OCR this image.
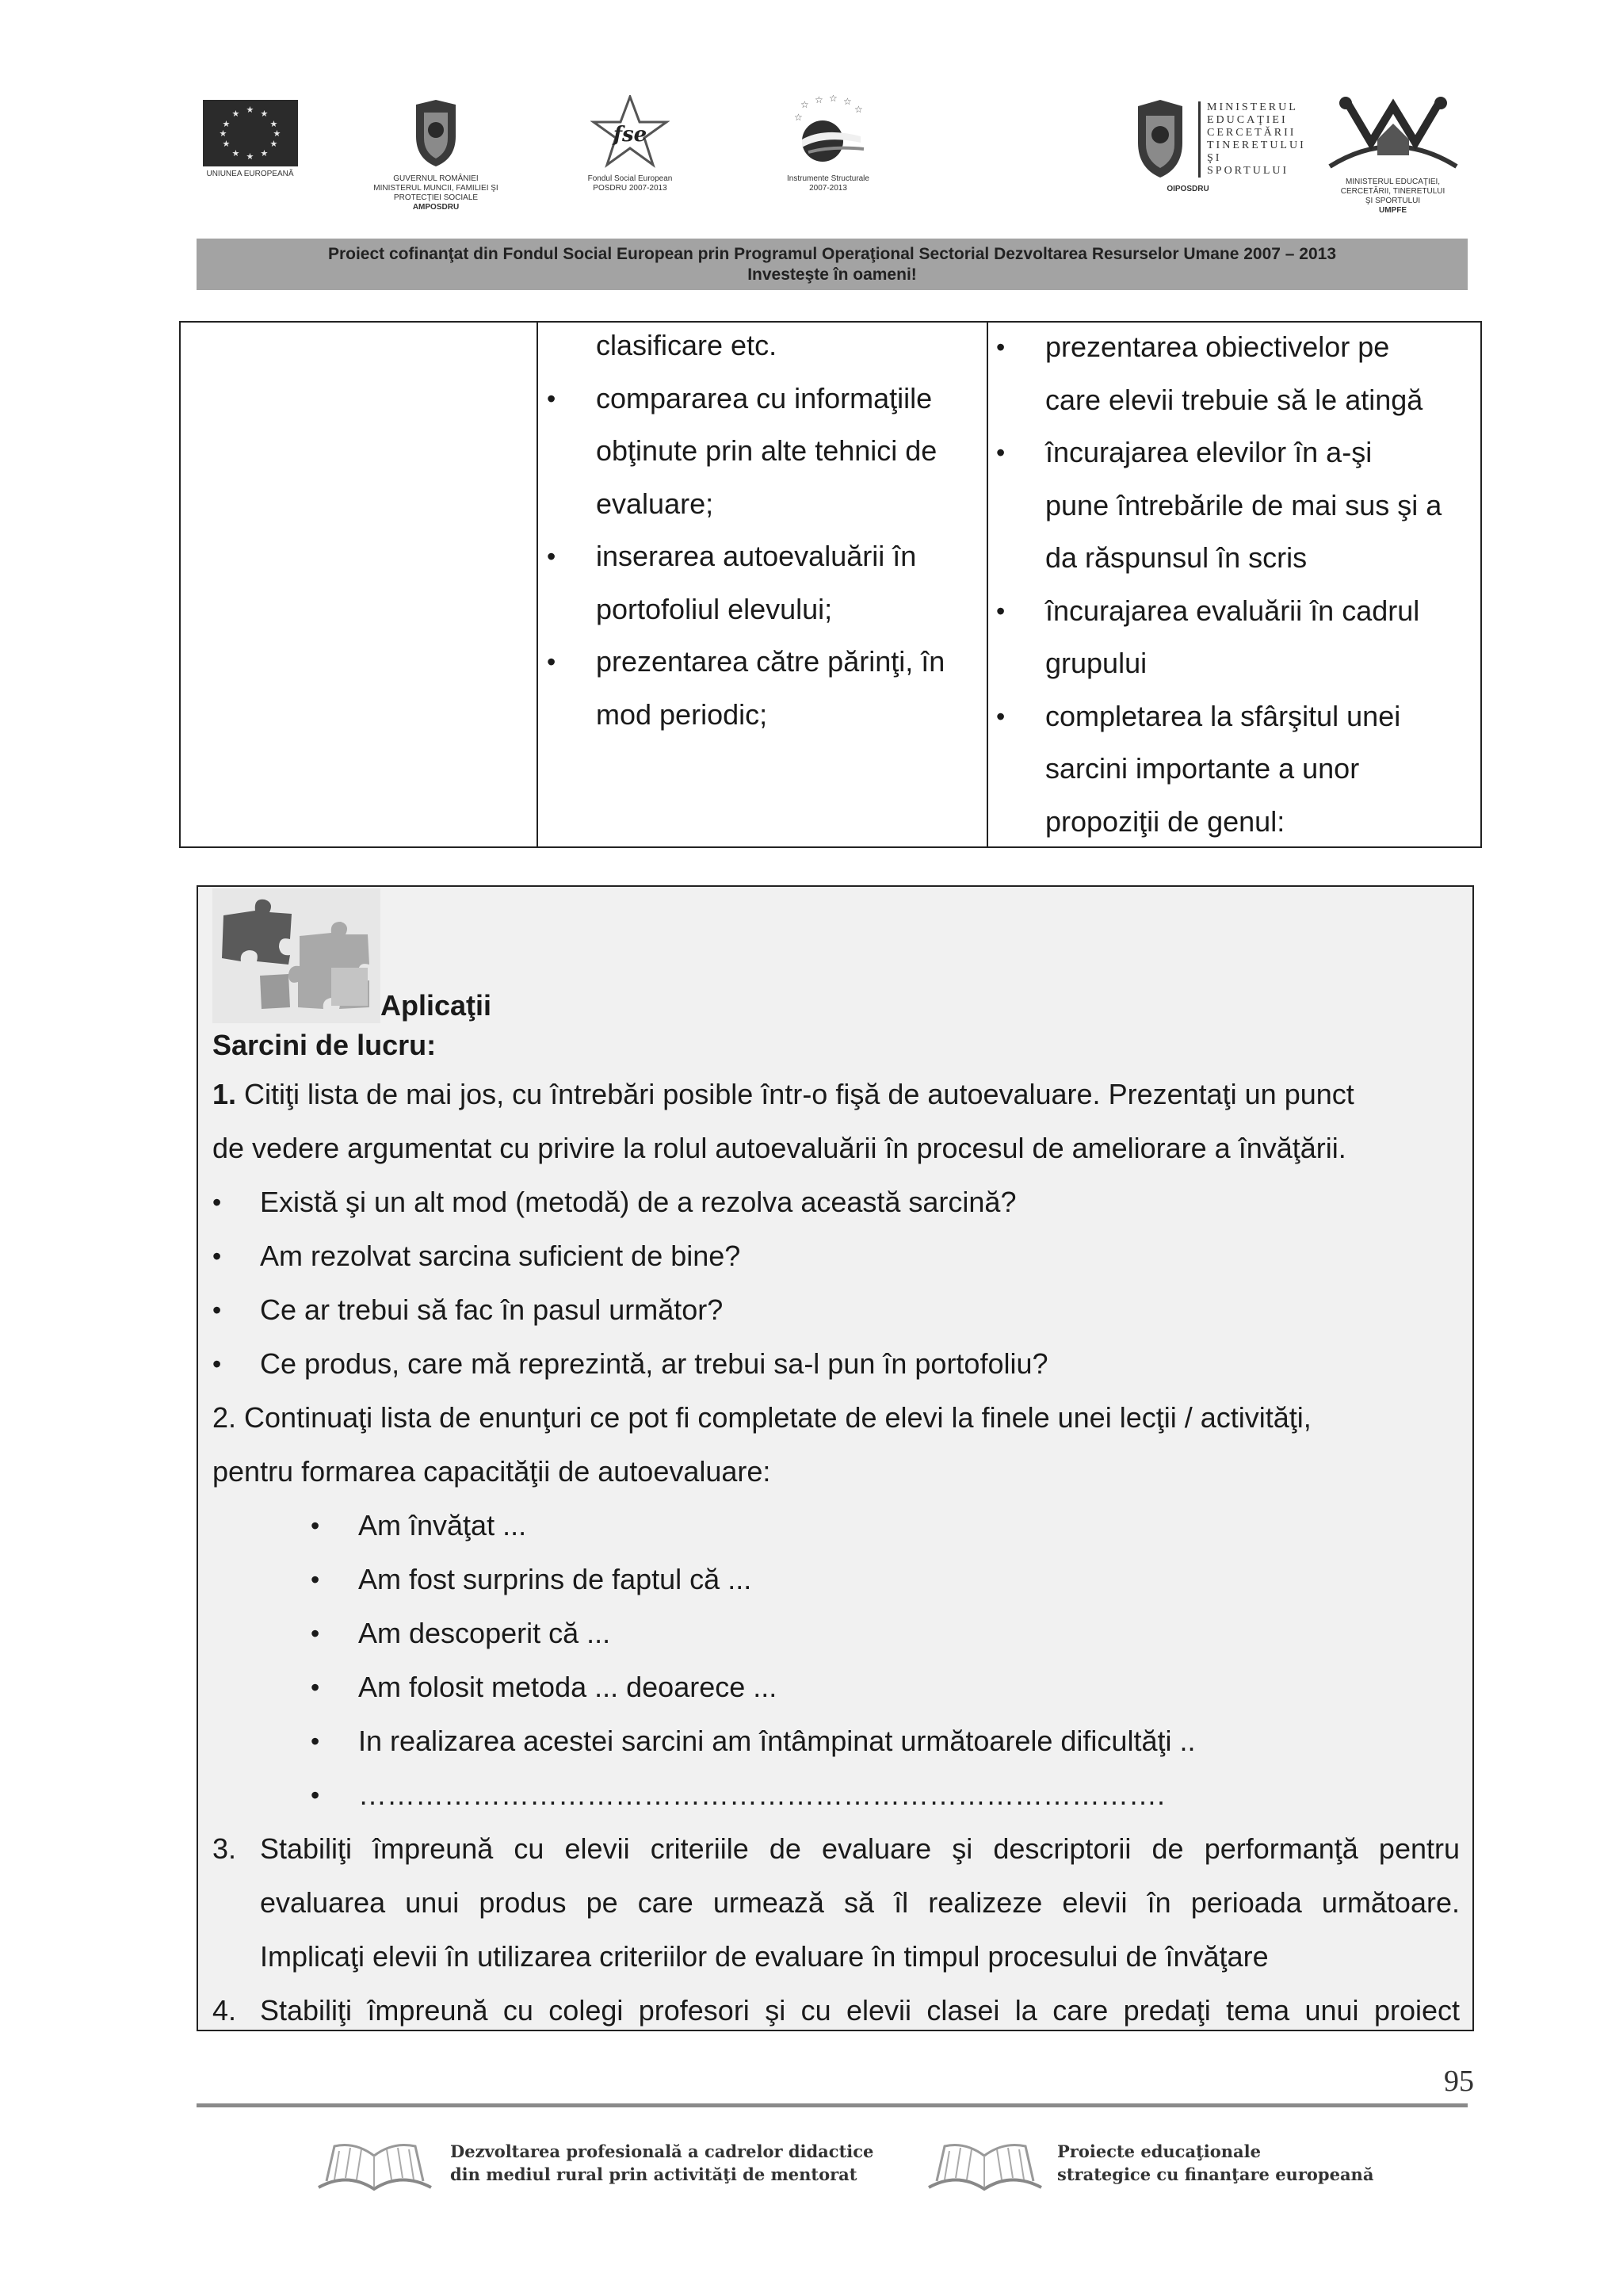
★ ★
★
★
★
★
★
★
★
★
★
★
UNIUNEA EUROPEANĂ
GUVERNUL ROMÂNIEI
MINISTERUL MUNCII, FAMILIEI ŞI
PROTECŢIEI SOCIALE
AMPOSDRU
fse
Fondul Social European
POSDRU 2007-2013
☆ ☆ ☆ ☆
☆
☆
Instrumente Structurale
2007-2013
MINISTERUL
EDUCAŢIEI
CERCETĂRII
TINERETULUI
ŞI SPORTULUI
OIPOSDRU
MINISTERUL EDUCAŢIEI,
CERCETĂRII, TINERETULUI
ŞI SPORTULUI
UMPFE
Proiect cofinanţat din Fondul Social European prin Programul Operaţional Sectorial Dezvoltarea Resurselor Umane 2007 – 2013
Investeşte în oameni!
clasificare etc.
• compararea cu informaţiile
obţinute prin alte tehnici de
evaluare;
• inserarea autoevaluării în
portofoliul elevului;
• prezentarea către părinţi, în
mod periodic;
• prezentarea obiectivelor pe
care elevii trebuie să le atingă
• încurajarea elevilor în a-şi
pune întrebările de mai sus şi a
da răspunsul în scris
• încurajarea evaluării în cadrul
grupului
• completarea la sfârşitul unei
sarcini importante a unor
propoziţii de genul:
Aplicaţii
Sarcini de lucru:
1. Citiţi lista de mai jos, cu întrebări posible într-o fişă de autoevaluare. Prezentaţi un punct
de vedere argumentat cu privire la rolul autoevaluării în procesul de ameliorare a învăţării.
• Există şi un alt mod (metodă) de a rezolva această sarcină?
• Am rezolvat sarcina suficient de bine?
• Ce ar trebui să fac în pasul următor?
• Ce produs, care mă reprezintă, ar trebui sa-l pun în portofoliu?
2. Continuaţi lista de enunţuri ce pot fi completate de elevi la finele unei lecţii / activităţi,
pentru formarea capacităţii de autoevaluare:
• Am învăţat ...
• Am fost surprins de faptul că ...
• Am descoperit că ...
• Am folosit metoda ... deoarece ...
• In realizarea acestei sarcini am întâmpinat următoarele dificultăţi ..
• ………………………………………………………………………….
3. Stabiliţi împreună cu elevii criteriile de evaluare şi descriptorii de performanţă pentru
evaluarea unui produs pe care urmează să îl realizeze elevii în perioada următoare.
Implicaţi elevii în utilizarea criteriilor de evaluare în timpul procesului de învăţare
4. Stabiliţi împreună cu colegi profesori şi cu elevii clasei la care predaţi tema unui proiect
95
Dezvoltarea profesională a cadrelor didactice
din mediul rural prin activităţi de mentorat
Proiecte educaţionale
strategice cu finanţare europeană
